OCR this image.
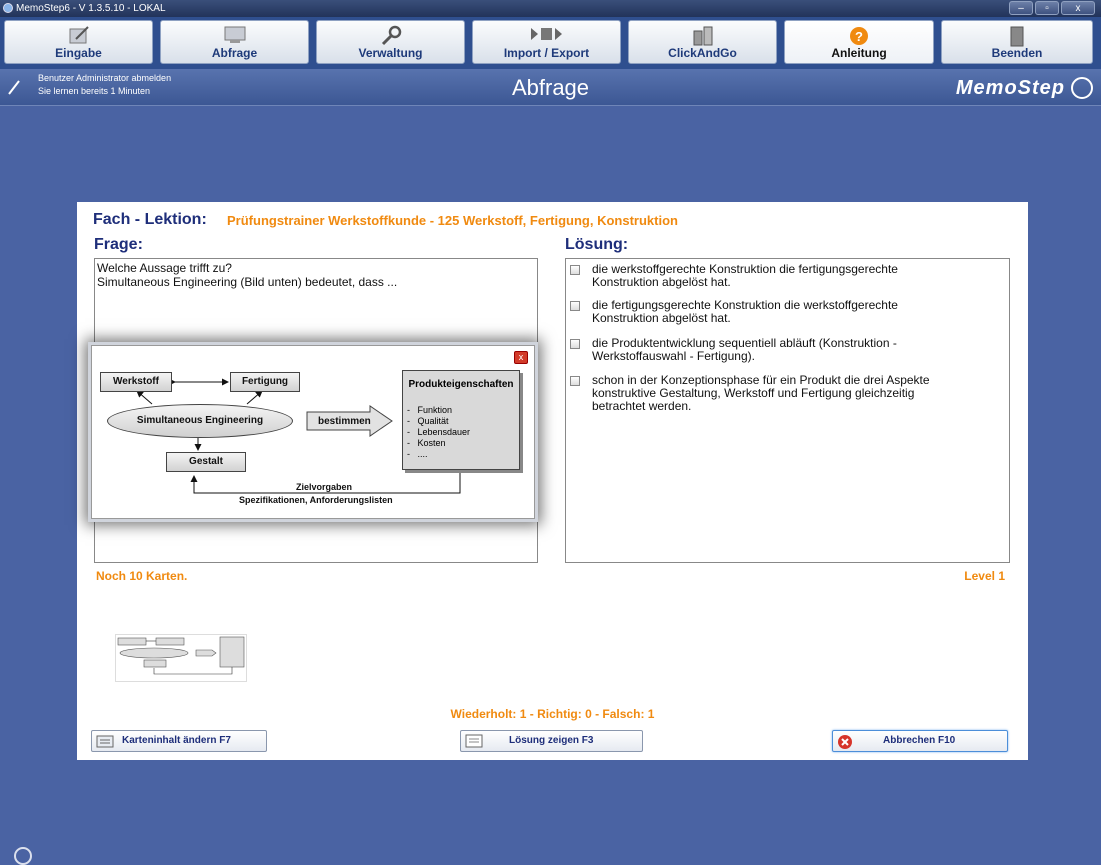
MemoStep6 - V 1.3.5.10 - LOKAL	–	▫	x
Eingabe	Abfrage	Verwaltung	Import / Export	ClickAndGo
?
Anleitung	Beenden
Benutzer Administrator abmelden
Sie lernen bereits 1 Minuten	Abfrage	MemoStep
Fach - Lektion: Prüfungstrainer Werkstoffkunde - 125 Werkstoff, Fertigung, Konstruktion
Frage:	Lösung:
Welche Aussage trifft zu?
Simultaneous Engineering (Bild unten) bedeutet, dass ...
x
Werkstoff	Fertigung
Simultaneous Engineering	bestimmen
Gestalt
Produkteigenschaften
-   Funktion
-   Qualität
-   Lebensdauer
-   Kosten
-   ....
Zielvorgaben
Spezifikationen, Anforderungslisten
die werkstoffgerechte Konstruktion die fertigungsgerechte
Konstruktion abgelöst hat.
die fertigungsgerechte Konstruktion die werkstoffgerechte
Konstruktion abgelöst hat.
die Produktentwicklung sequentiell abläuft (Konstruktion -
Werkstoffauswahl - Fertigung).
schon in der Konzeptionsphase für ein Produkt die drei Aspekte
konstruktive Gestaltung, Werkstoff und Fertigung gleichzeitig
betrachtet werden.
Noch 10 Karten.	Level 1
Wiederholt: 1 - Richtig: 0 - Falsch: 1
Karteninhalt ändern F7	Lösung zeigen F3	Abbrechen F10
